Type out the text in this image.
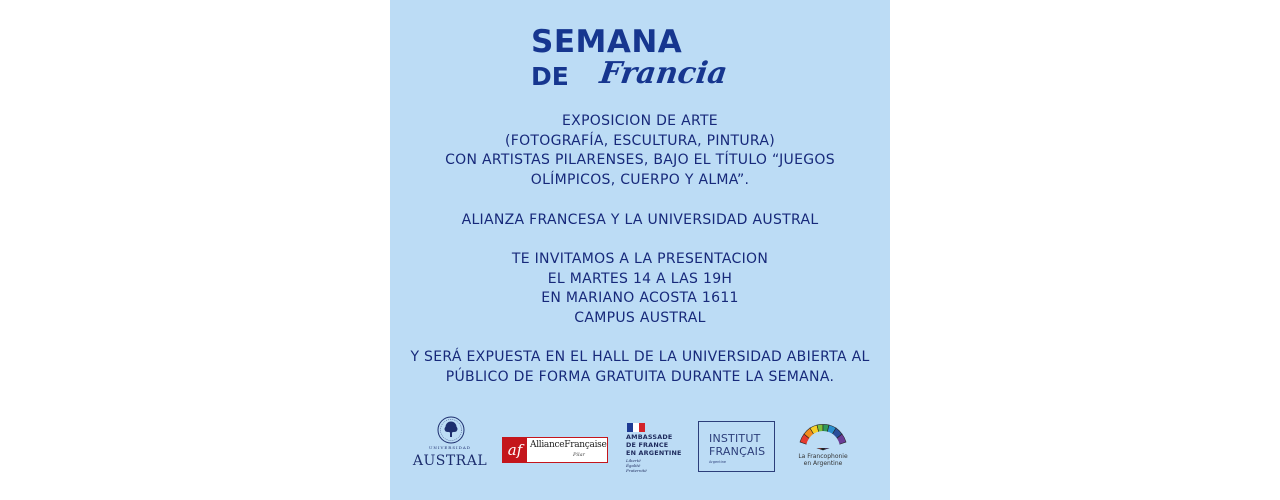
SEMANA
DE Francia
EXPOSICION DE ARTE
(FOTOGRAFÍA, ESCULTURA, PINTURA)
CON ARTISTAS PILARENSES, BAJO EL TÍTULO “JUEGOS
OLÍMPICOS, CUERPO Y ALMA”.
ALIANZA FRANCESA Y LA UNIVERSIDAD AUSTRAL
TE INVITAMOS A LA PRESENTACION
EL MARTES 14 A LAS 19H
EN MARIANO ACOSTA 1611
CAMPUS AUSTRAL
Y SERÁ EXPUESTA EN EL HALL DE LA UNIVERSIDAD ABIERTA AL
PÚBLICO DE FORMA GRATUITA DURANTE LA SEMANA.
UNIVERSIDAD
AUSTRAL
af AllianceFrançaise
Pilar
AMBASSADE
DE FRANCE
EN ARGENTINE
Liberté
Égalité
Fraternité
INSTITUT
FRANÇAIS
Argentine
La Francophonie
en Argentine
